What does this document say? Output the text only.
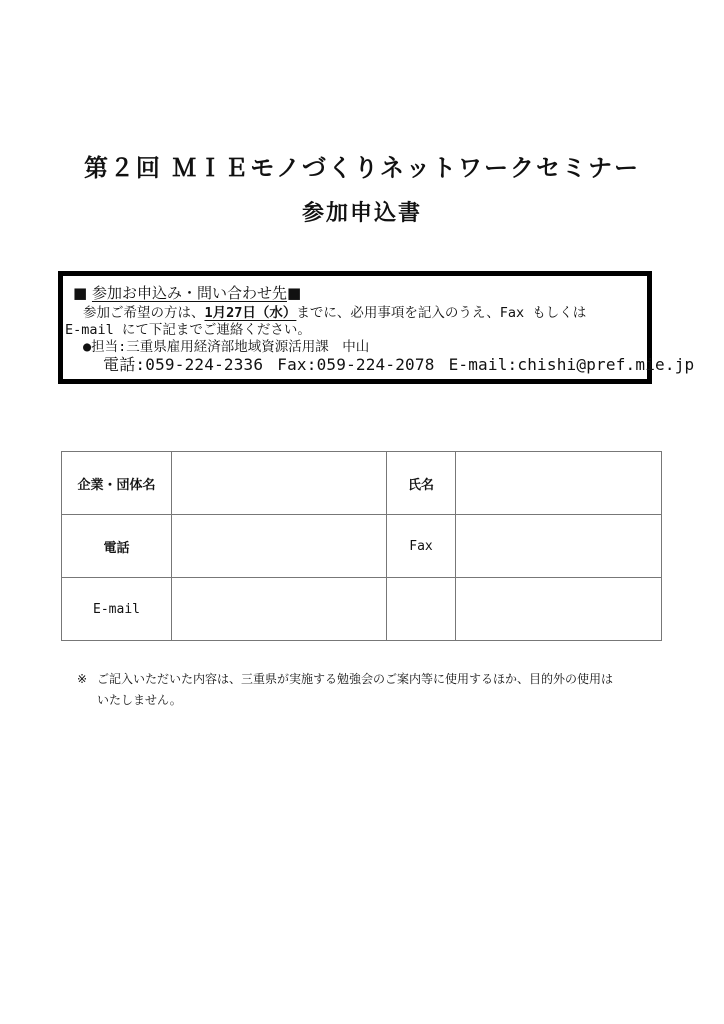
第２回 ＭＩＥモノづくりネットワークセミナー
参加申込書
■ 参加お申込み・問い合わせ先■
参加ご希望の方は、1月27日（水）までに、必用事項を記入のうえ、Fax もしくは
E-mail にて下記までご連絡ください。
●担当:三重県雇用経済部地域資源活用課　中山
電話:059-224-2336 Fax:059-224-2078 E-mail:chishi@pref.mie.jp
企業・団体名		氏名	
電話		Fax	
E-mail			
※ ご記入いただいた内容は、三重県が実施する勉強会のご案内等に使用するほか、目的外の使用は
いたしません。
